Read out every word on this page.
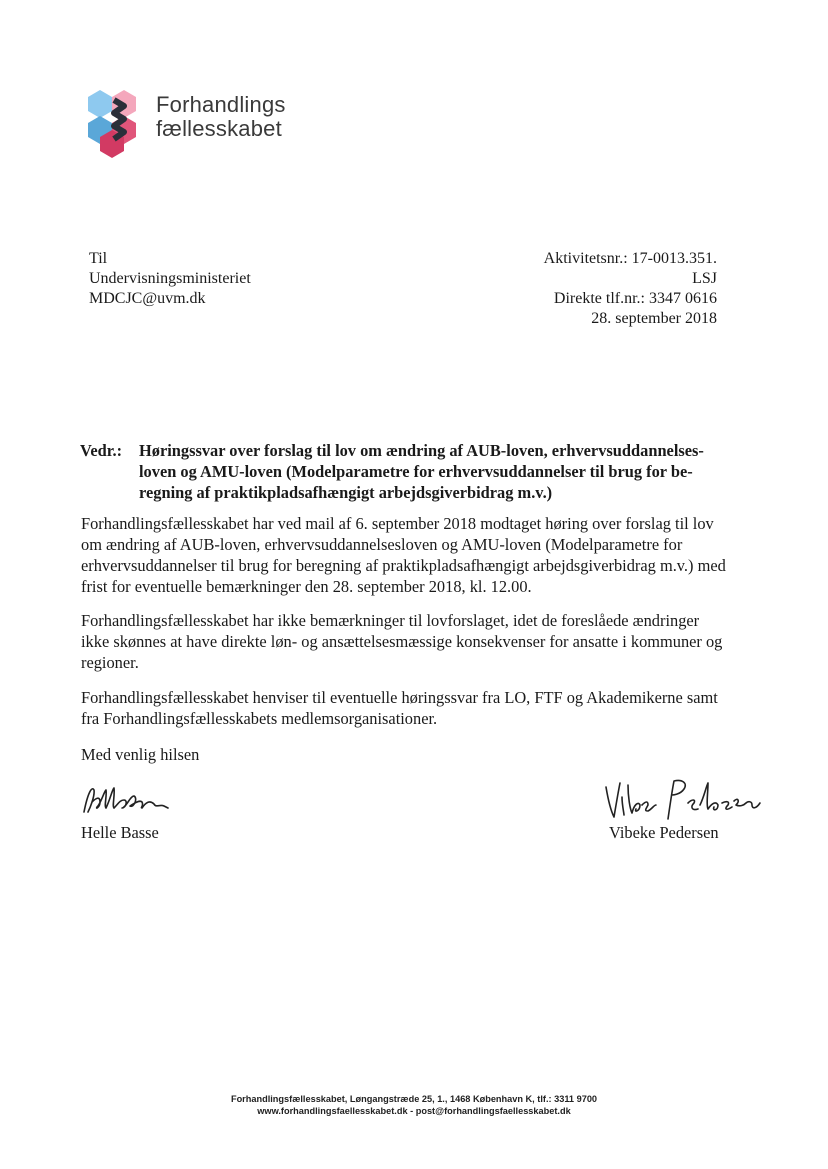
Forhandlings
fællesskabet
Til
Undervisningsministeriet
MDCJC@uvm.dk
Aktivitetsnr.: 17-0013.351.
LSJ
Direkte tlf.nr.: 3347 0616
28. september 2018
Vedr.: Høringssvar over forslag til lov om ændring af AUB-loven, erhvervsuddannelses-loven og AMU-loven (Modelparametre for erhvervsuddannelser til brug for be-regning af praktikpladsafhængigt arbejdsgiverbidrag m.v.)
Forhandlingsfællesskabet har ved mail af 6. september 2018 modtaget høring over forslag til lov om ændring af AUB-loven, erhvervsuddannelsesloven og AMU-loven (Modelparametre for erhvervsuddannelser til brug for beregning af praktikpladsafhængigt arbejdsgiverbidrag m.v.) med frist for eventuelle bemærkninger den 28. september 2018, kl. 12.00.
Forhandlingsfællesskabet har ikke bemærkninger til lovforslaget, idet de foreslåede ændringer ikke skønnes at have direkte løn- og ansættelsesmæssige konsekvenser for ansatte i kommuner og regioner.
Forhandlingsfællesskabet henviser til eventuelle høringssvar fra LO, FTF og Akademikerne samt fra Forhandlingsfællesskabets medlemsorganisationer.
Med venlig hilsen
Helle Basse	Vibeke Pedersen
Forhandlingsfællesskabet, Løngangstræde 25, 1., 1468 København K, tlf.: 3311 9700
www.forhandlingsfaellesskabet.dk - post@forhandlingsfaellesskabet.dk
